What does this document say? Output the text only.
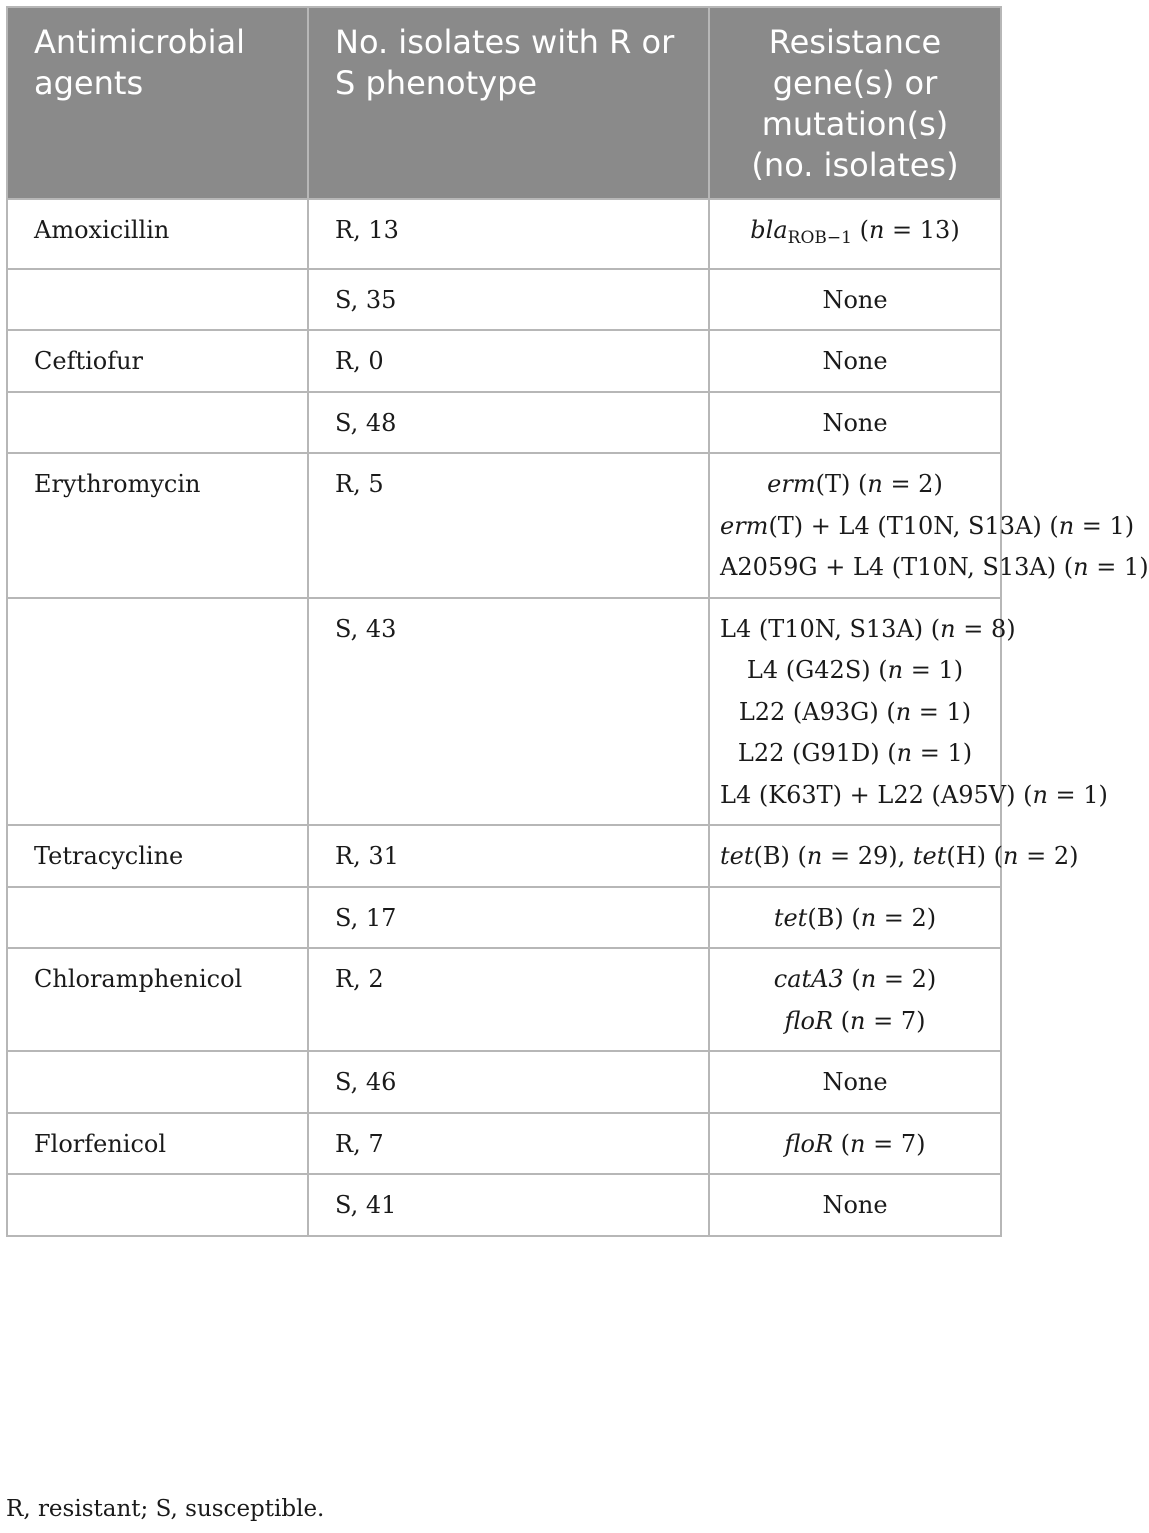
Antimicrobial agents	No. isolates with R or S phenotype	Resistance gene(s) or mutation(s) (no. isolates)
Amoxicillin	R, 13	bla$_{ROB-1}$ (n = 13)

	S, 35	None

Ceftiofur	R, 0	None

	S, 48	None

Erythromycin	R, 5	erm(T) (n = 2)
erm(T) + L4 (T10N, S13A) (n = 1)
A2059G + L4 (T10N, S13A) (n = 1)

	S, 43	L4 (T10N, S13A) (n = 8)
L4 (G42S) (n = 1)
L22 (A93G) (n = 1)
L22 (G91D) (n = 1)
L4 (K63T) + L22 (A95V) (n = 1)

Tetracycline	R, 31	tet(B) (n = 29), tet(H) (n = 2)

	S, 17	tet(B) (n = 2)

Chloramphenicol	R, 2	catA3 (n = 2)
floR (n = 7)

	S, 46	None

Florfenicol	R, 7	floR (n = 7)

	S, 41	None
R, resistant; S, susceptible.
